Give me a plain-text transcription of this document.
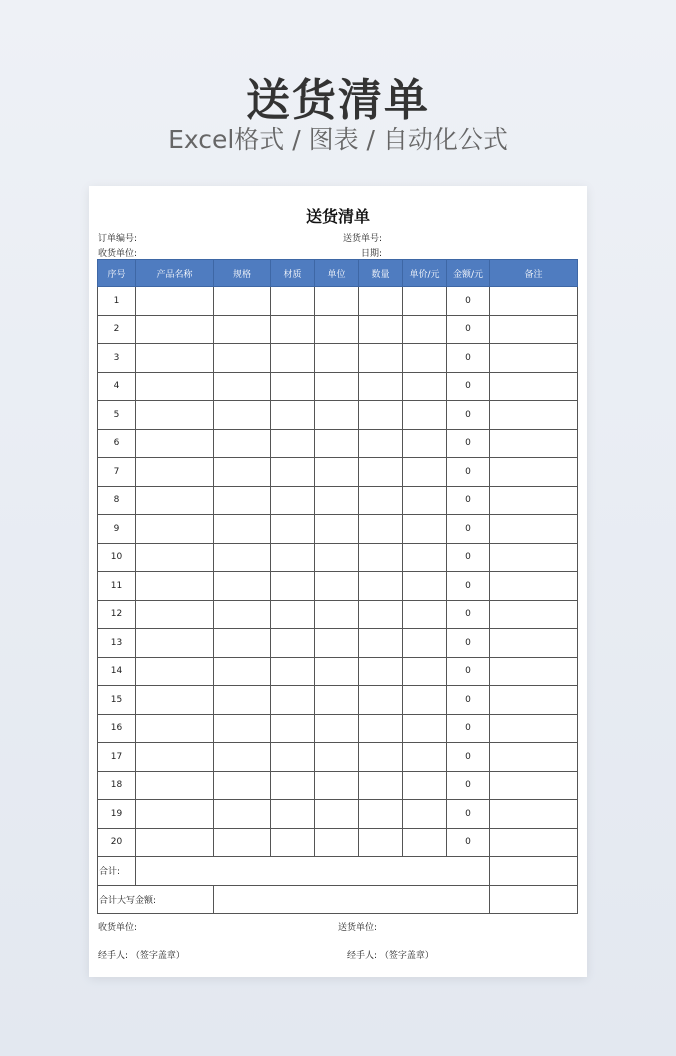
送货清单
Excel格式 / 图表 / 自动化公式
送货清单
订单编号:	送货单号:
收货单位:	日期:
序号	产品名称	规格	材质	单位	数量	单价/元	金额/元	备注
1							0	
2							0	
3							0	
4							0	
5							0	
6							0	
7							0	
8							0	
9							0	
10							0	
11							0	
12							0	
13							0	
14							0	
15							0	
16							0	
17							0	
18							0	
19							0	
20							0	
合计:								
合计大写金额:								
收货单位:	送货单位:
经手人: （签字盖章）	经手人: （签字盖章）
